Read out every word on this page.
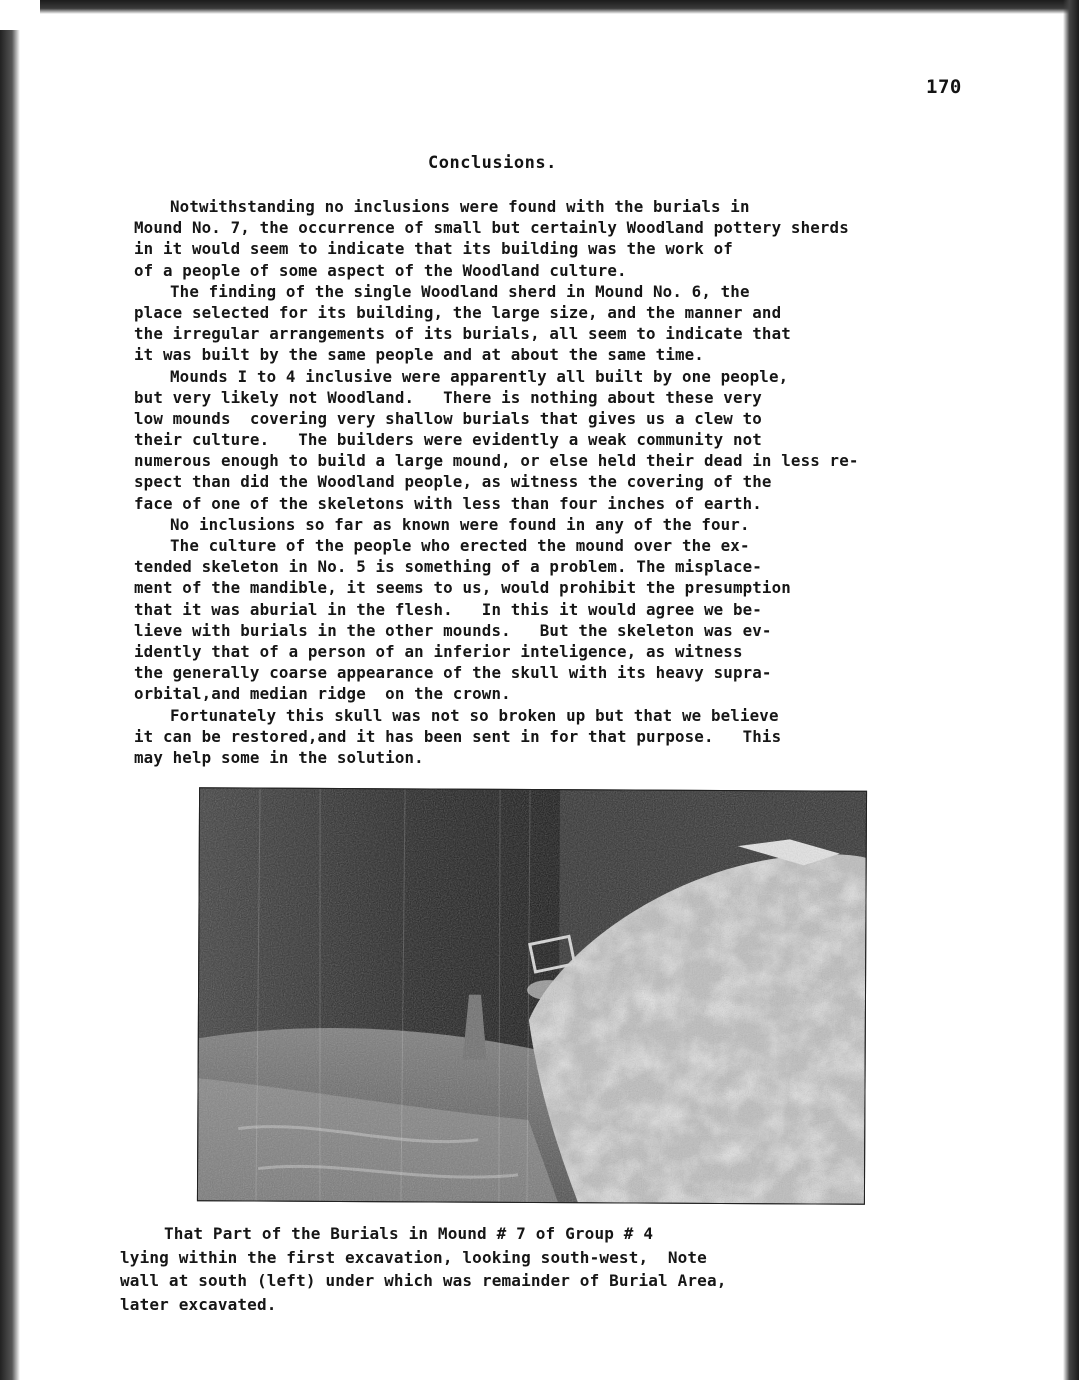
170
Conclusions.
Notwithstanding no inclusions were found with the burials in
Mound No. 7, the occurrence of small but certainly Woodland pottery sherds
in it would seem to indicate that its building was the work of
of a people of some aspect of the Woodland culture.
The finding of the single Woodland sherd in Mound No. 6, the
place selected for its building, the large size, and the manner and
the irregular arrangements of its burials, all seem to indicate that
it was built by the same people and at about the same time.
Mounds I to 4 inclusive were apparently all built by one people,
but very likely not Woodland.   There is nothing about these very
low mounds  covering very shallow burials that gives us a clew to
their culture.   The builders were evidently a weak community not
numerous enough to build a large mound, or else held their dead in less re-
spect than did the Woodland people, as witness the covering of the
face of one of the skeletons with less than four inches of earth.
No inclusions so far as known were found in any of the four.
The culture of the people who erected the mound over the ex-
tended skeleton in No. 5 is something of a problem. The misplace-
ment of the mandible, it seems to us, would prohibit the presumption
that it was aburial in the flesh.   In this it would agree we be-
lieve with burials in the other mounds.   But the skeleton was ev-
idently that of a person of an inferior inteligence, as witness
the generally coarse appearance of the skull with its heavy supra-
orbital,and median ridge  on the crown.
Fortunately this skull was not so broken up but that we believe
it can be restored,and it has been sent in for that purpose.   This
may help some in the solution.
That Part of the Burials in Mound # 7 of Group # 4
lying within the first excavation, looking south-west,  Note
wall at south (left) under which was remainder of Burial Area,
later excavated.
